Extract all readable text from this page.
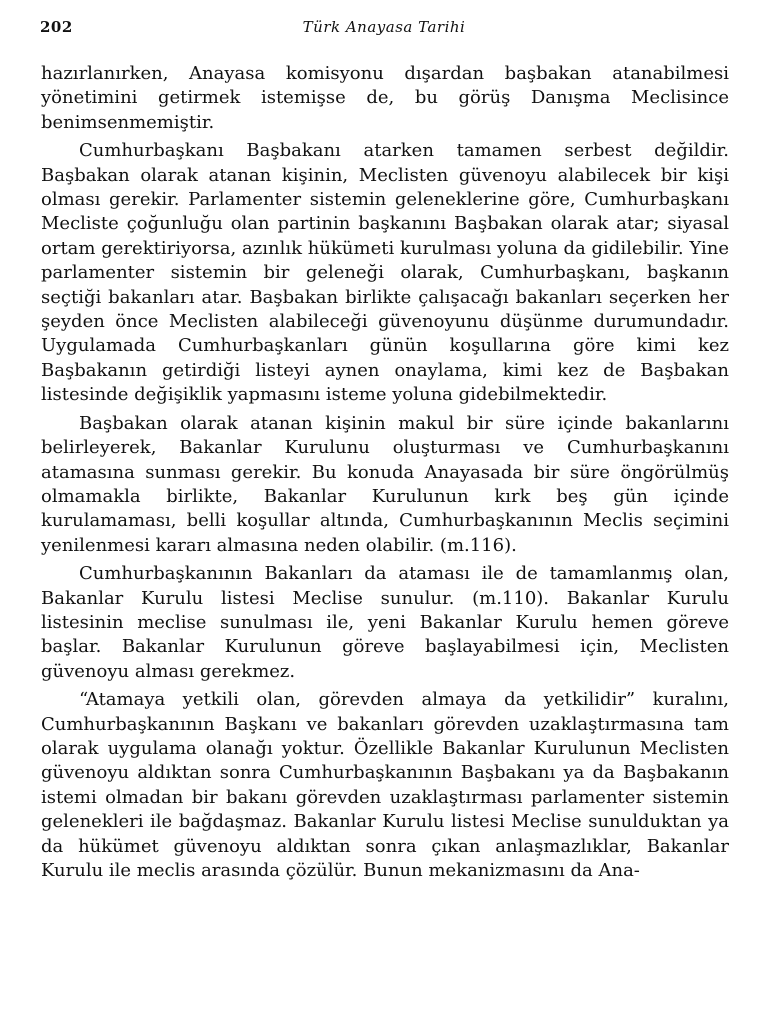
202	Türk Anayasa Tarihi

hazırlanırken, Anayasa komisyonu dışardan başbakan atanabilmesi yönetimini getirmek istemişse de, bu görüş Danışma Meclisince benimsenmemiştir.

Cumhurbaşkanı Başbakanı atarken tamamen serbest değildir. Başbakan olarak atanan kişinin, Meclisten güvenoyu alabilecek bir kişi olması gerekir. Parlamenter sistemin geleneklerine göre, Cumhurbaşkanı Mecliste çoğunluğu olan partinin başkanını Başbakan olarak atar; siyasal ortam gerektiriyorsa, azınlık hükümeti kurulması yoluna da gidilebilir. Yine parlamenter sistemin bir geleneği olarak, Cumhurbaşkanı, başkanın seçtiği bakanları atar. Başbakan birlikte çalışacağı bakanları seçerken her şeyden önce Meclisten alabileceği güvenoyunu düşünme durumundadır. Uygulamada Cumhurbaşkanları günün koşullarına göre kimi kez Başbakanın getirdiği listeyi aynen onaylama, kimi kez de Başbakan listesinde değişiklik yapmasını isteme yoluna gidebilmektedir.

Başbakan olarak atanan kişinin makul bir süre içinde bakanlarını belirleyerek, Bakanlar Kurulunu oluşturması ve Cumhurbaşkanını atamasına sunması gerekir. Bu konuda Anayasada bir süre öngörülmüş olmamakla birlikte, Bakanlar Kurulunun kırk beş gün içinde kurulamaması, belli koşullar altında, Cumhurbaşkanının Meclis seçimini yenilenmesi kararı almasına neden olabilir. (m.116).

Cumhurbaşkanının Bakanları da ataması ile de tamamlanmış olan, Bakanlar Kurulu listesi Meclise sunulur. (m.110). Bakanlar Kurulu listesinin meclise sunulması ile, yeni Bakanlar Kurulu hemen göreve başlar. Bakanlar Kurulunun göreve başlayabilmesi için, Meclisten güvenoyu alması gerekmez.

“Atamaya yetkili olan, görevden almaya da yetkilidir” kuralını, Cumhurbaşkanının Başkanı ve bakanları görevden uzaklaştırmasına tam olarak uygulama olanağı yoktur. Özellikle Bakanlar Kurulunun Meclisten güvenoyu aldıktan sonra Cumhurbaşkanının Başbakanı ya da Başbakanın istemi olmadan bir bakanı görevden uzaklaştırması parlamenter sistemin gelenekleri ile bağdaşmaz. Bakanlar Kurulu listesi Meclise sunulduktan ya da hükümet güvenoyu aldıktan sonra çıkan anlaşmazlıklar, Bakanlar Kurulu ile meclis arasında çözülür. Bunun mekanizmasını da Ana-
